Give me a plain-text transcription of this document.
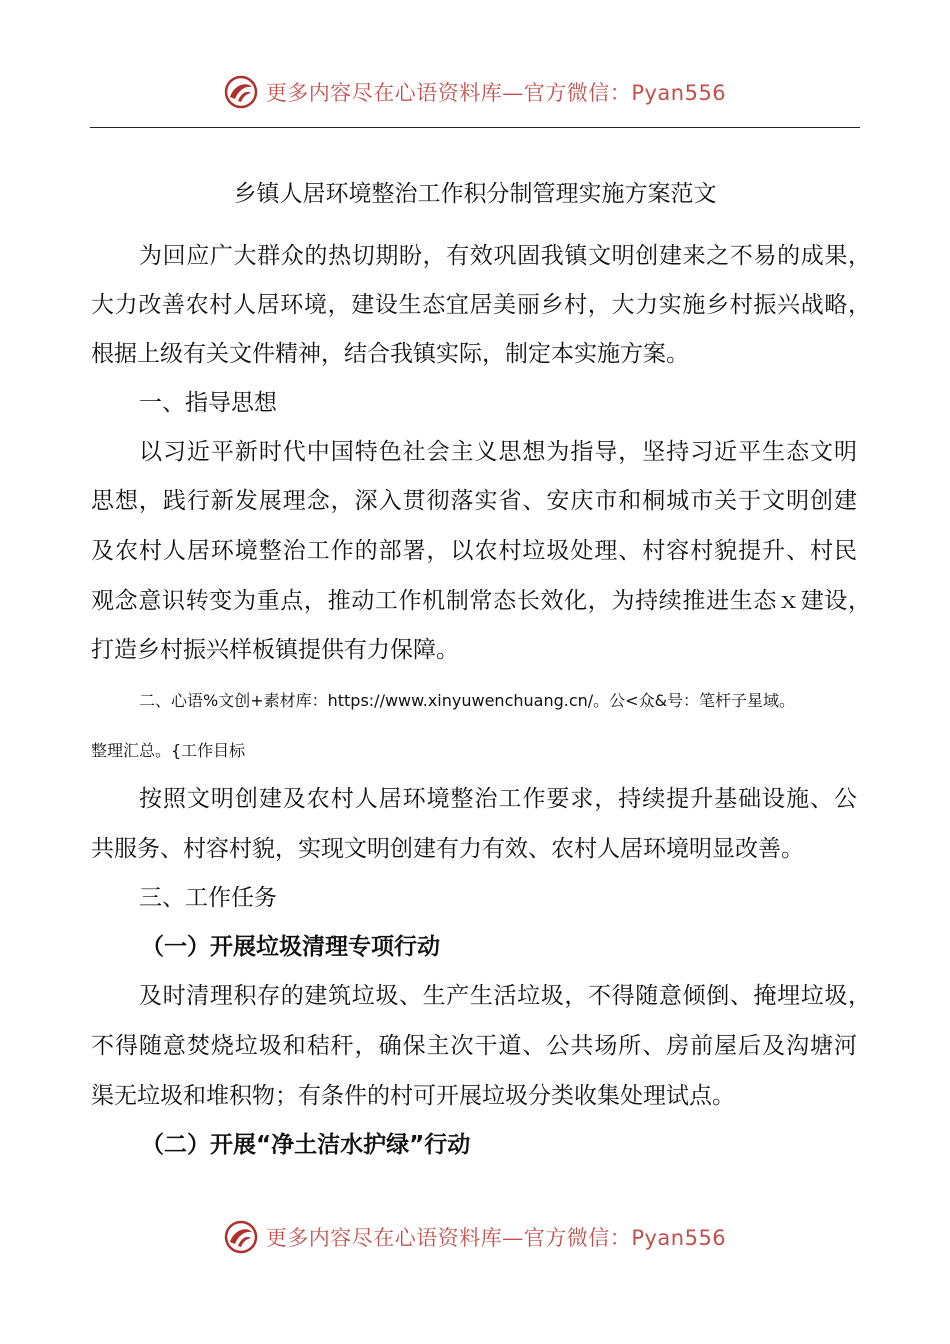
更多内容尽在心语资料库—官方微信：Pyan556
乡镇人居环境整治工作积分制管理实施方案范文
为回应广大群众的热切期盼，有效巩固我镇文明创建来之不易的成果，
大力改善农村人居环境，建设生态宜居美丽乡村，大力实施乡村振兴战略，
根据上级有关文件精神，结合我镇实际，制定本实施方案。
一、指导思想
以习近平新时代中国特色社会主义思想为指导，坚持习近平生态文明
思想，践行新发展理念，深入贯彻落实省、安庆市和桐城市关于文明创建
及农村人居环境整治工作的部署，以农村垃圾处理、村容村貌提升、村民
观念意识转变为重点，推动工作机制常态长效化，为持续推进生态ｘ建设，
打造乡村振兴样板镇提供有力保障。
二、心语%文创+素材库：https://www.xinyuwenchuang.cn/。公<众&号：笔杆子星域。
整理汇总。{工作目标
按照文明创建及农村人居环境整治工作要求，持续提升基础设施、公
共服务、村容村貌，实现文明创建有力有效、农村人居环境明显改善。
三、工作任务
（一）开展垃圾清理专项行动
及时清理积存的建筑垃圾、生产生活垃圾，不得随意倾倒、掩埋垃圾，
不得随意焚烧垃圾和秸秆，确保主次干道、公共场所、房前屋后及沟塘河
渠无垃圾和堆积物；有条件的村可开展垃圾分类收集处理试点。
（二）开展“净土洁水护绿”行动
更多内容尽在心语资料库—官方微信：Pyan556
